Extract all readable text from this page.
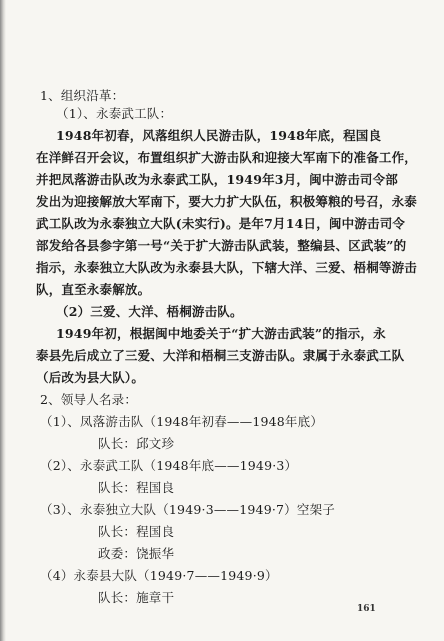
1、组织沿革：
（1）、永泰武工队：
1948年初春，风落组织人民游击队，1948年底，程国良
在洋鲜召开会议，布置组织扩大游击队和迎接大军南下的准备工作，
并把凤落游击队改为永泰武工队，1949年3月，闽中游击司令部
发出为迎接解放大军南下，要大力扩大队伍，积极筹粮的号召，永泰
武工队改为永泰独立大队(未实行)。是年7月14日，闽中游击司令
部发给各县参字第一号“关于扩大游击队武装，整编县、区武装”的
指示，永泰独立大队改为永泰县大队，下辖大洋、三爱、梧桐等游击
队，直至永泰解放。
（2）三爱、大洋、梧桐游击队。
1949年初，根据闽中地委关于“扩大游击武装”的指示，永
泰县先后成立了三爱、大洋和梧桐三支游击队。隶属于永泰武工队
（后改为县大队）。
2、领导人名录：
（1）、凤落游击队（1948年初春——1948年底）
队长：邱文珍
（2）、永泰武工队（1948年底——1949·3）
队长：程国良
（3）、永泰独立大队（1949·3——1949·7）空架子
队长：程国良
政委：饶振华
（4）永泰县大队（1949·7——1949·9）
队长：施章干
161
